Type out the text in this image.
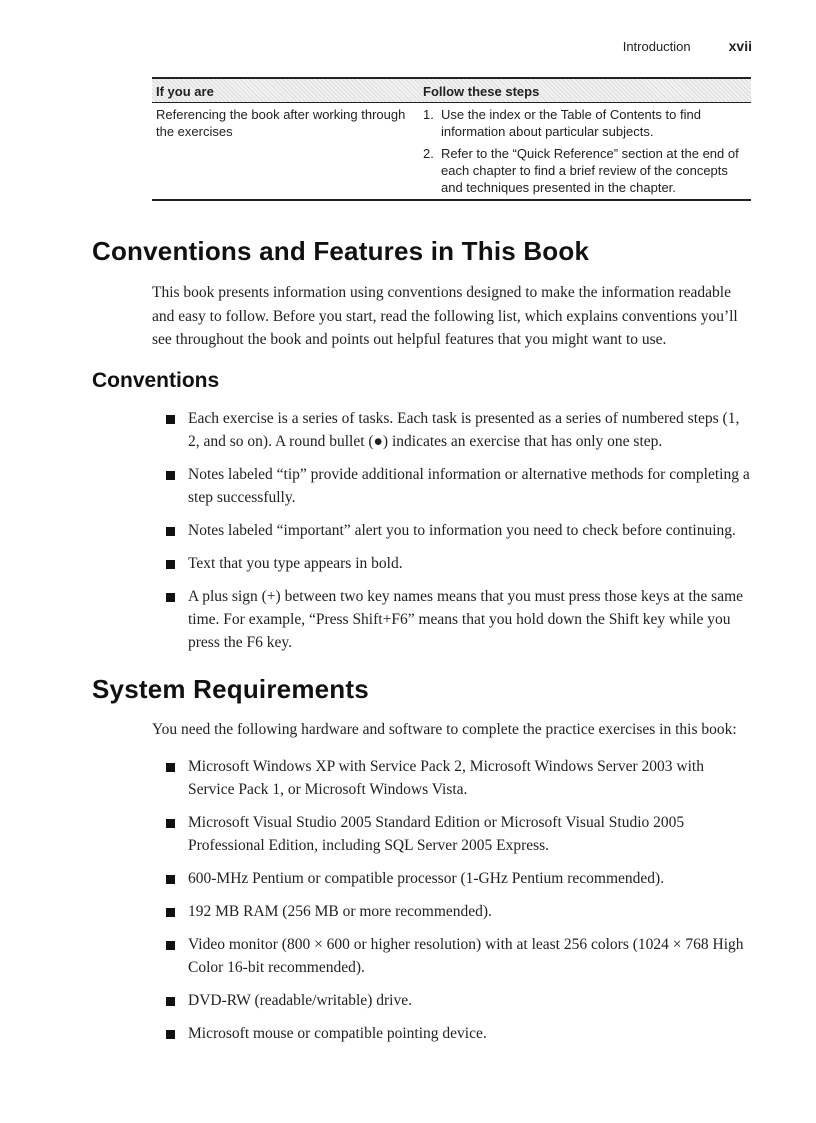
Introduction	xvii
If you are	Follow these steps
Referencing the book after working through the exercises	1. Use the index or the Table of Contents to find information about particular subjects.
2. Refer to the “Quick Reference” section at the end of each chapter to find a brief review of the concepts and techniques presented in the chapter.
Conventions and Features in This Book

This book presents information using conventions designed to make the information readable and easy to follow. Before you start, read the following list, which explains conventions you’ll see throughout the book and points out helpful features that you might want to use.

Conventions
Each exercise is a series of tasks. Each task is presented as a series of numbered steps (1, 2, and so on). A round bullet (●) indicates an exercise that has only one step.
Notes labeled “tip” provide additional information or alternative methods for completing a step successfully.
Notes labeled “important” alert you to information you need to check before continuing.
Text that you type appears in bold.
A plus sign (+) between two key names means that you must press those keys at the same time. For example, “Press Shift+F6” means that you hold down the Shift key while you press the F6 key.
System Requirements

You need the following hardware and software to complete the practice exercises in this book:

Microsoft Windows XP with Service Pack 2, Microsoft Windows Server 2003 with Service Pack 1, or Microsoft Windows Vista.
Microsoft Visual Studio 2005 Standard Edition or Microsoft Visual Studio 2005 Professional Edition, including SQL Server 2005 Express.
600-MHz Pentium or compatible processor (1-GHz Pentium recommended).
192 MB RAM (256 MB or more recommended).
Video monitor (800 × 600 or higher resolution) with at least 256 colors (1024 × 768 High Color 16-bit recommended).
DVD-RW (readable/writable) drive.
Microsoft mouse or compatible pointing device.
